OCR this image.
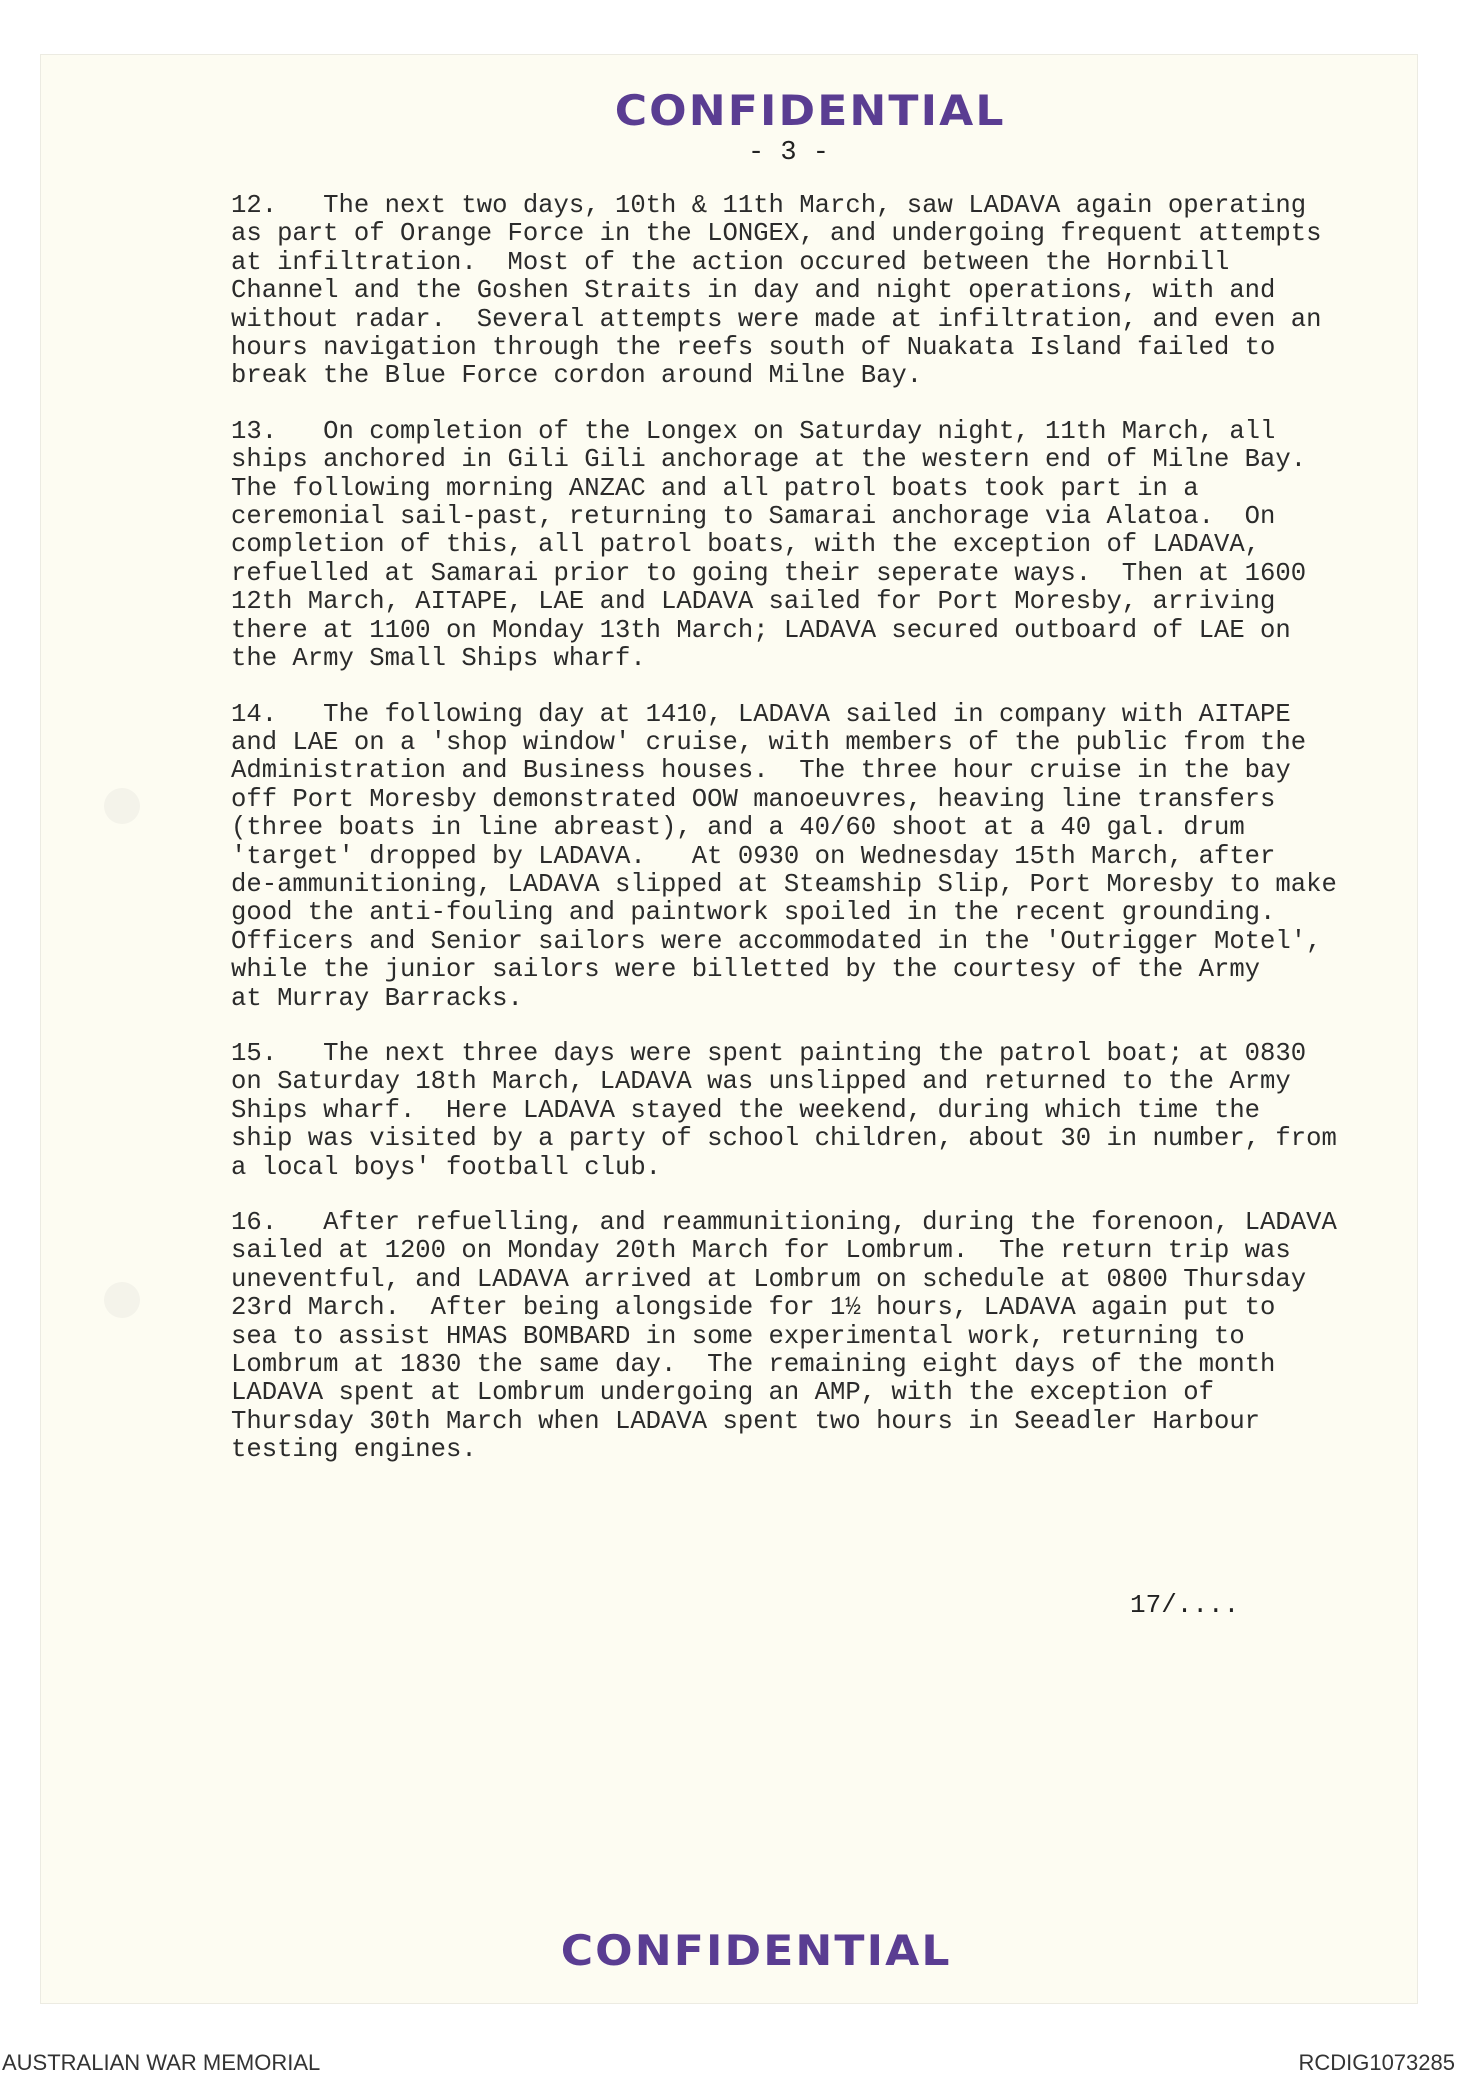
CONFIDENTIAL
- 3 -
12.   The next two days, 10th & 11th March, saw LADAVA again operating
as part of Orange Force in the LONGEX, and undergoing frequent attempts
at infiltration.  Most of the action occured between the Hornbill
Channel and the Goshen Straits in day and night operations, with and
without radar.  Several attempts were made at infiltration, and even an
hours navigation through the reefs south of Nuakata Island failed to
break the Blue Force cordon around Milne Bay.
13.   On completion of the Longex on Saturday night, 11th March, all
ships anchored in Gili Gili anchorage at the western end of Milne Bay.
The following morning ANZAC and all patrol boats took part in a
ceremonial sail-past, returning to Samarai anchorage via Alatoa.  On
completion of this, all patrol boats, with the exception of LADAVA,
refuelled at Samarai prior to going their seperate ways.  Then at 1600
12th March, AITAPE, LAE and LADAVA sailed for Port Moresby, arriving
there at 1100 on Monday 13th March; LADAVA secured outboard of LAE on
the Army Small Ships wharf.
14.   The following day at 1410, LADAVA sailed in company with AITAPE
and LAE on a 'shop window' cruise, with members of the public from the
Administration and Business houses.  The three hour cruise in the bay
off Port Moresby demonstrated OOW manoeuvres, heaving line transfers
(three boats in line abreast), and a 40/60 shoot at a 40 gal. drum
'target' dropped by LADAVA.   At 0930 on Wednesday 15th March, after
de-ammunitioning, LADAVA slipped at Steamship Slip, Port Moresby to make
good the anti-fouling and paintwork spoiled in the recent grounding.
Officers and Senior sailors were accommodated in the 'Outrigger Motel',
while the junior sailors were billetted by the courtesy of the Army
at Murray Barracks.
15.   The next three days were spent painting the patrol boat; at 0830
on Saturday 18th March, LADAVA was unslipped and returned to the Army
Ships wharf.  Here LADAVA stayed the weekend, during which time the
ship was visited by a party of school children, about 30 in number, from
a local boys' football club.
16.   After refuelling, and reammunitioning, during the forenoon, LADAVA
sailed at 1200 on Monday 20th March for Lombrum.  The return trip was
uneventful, and LADAVA arrived at Lombrum on schedule at 0800 Thursday
23rd March.  After being alongside for 1½ hours, LADAVA again put to
sea to assist HMAS BOMBARD in some experimental work, returning to
Lombrum at 1830 the same day.  The remaining eight days of the month
LADAVA spent at Lombrum undergoing an AMP, with the exception of
Thursday 30th March when LADAVA spent two hours in Seeadler Harbour
testing engines.
17/....
CONFIDENTIAL
AUSTRALIAN WAR MEMORIAL	RCDIG1073285
